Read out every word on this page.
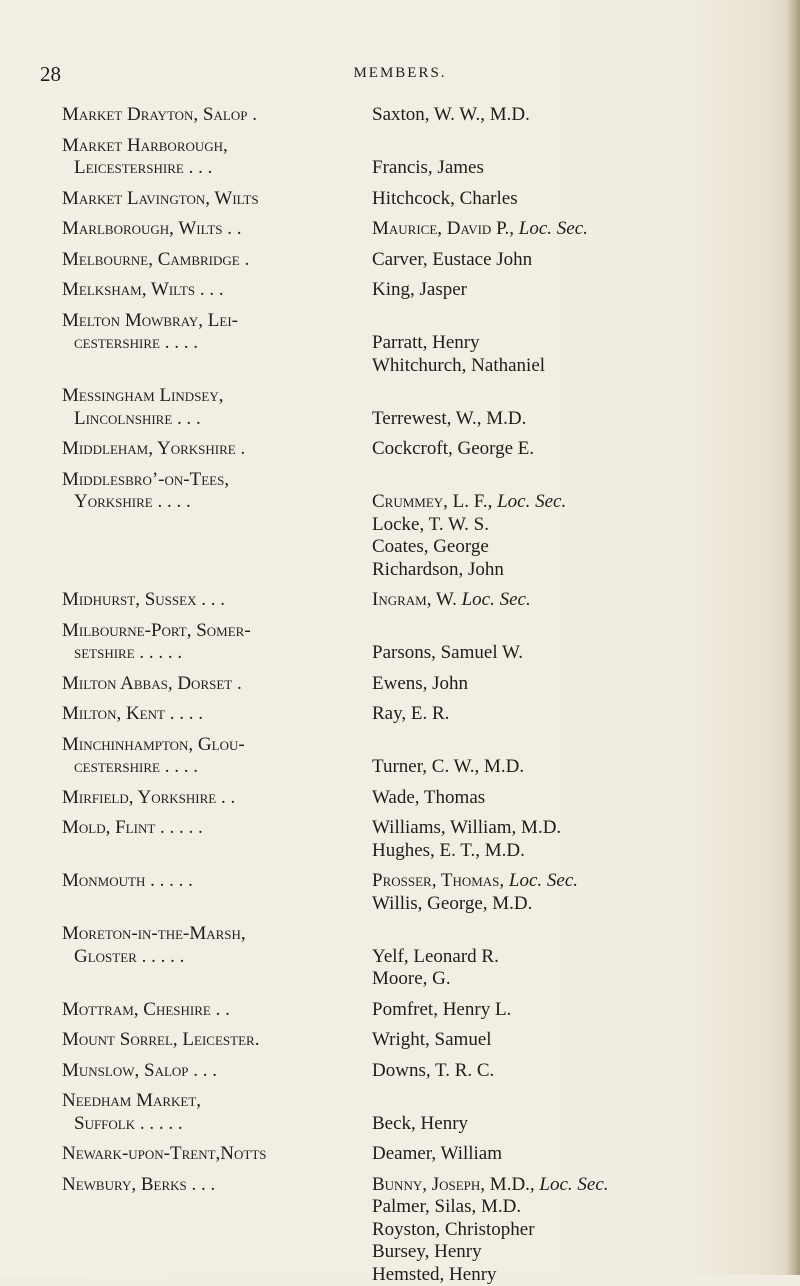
28	MEMBERS.
Market Drayton, Salop .	Saxton, W. W., M.D.
Market Harborough,
Leicestershire . . .
	Francis, James
Market Lavington, Wilts	Hitchcock, Charles
Marlborough, Wilts . .	Maurice, David P., Loc. Sec.
Melbourne, Cambridge .	Carver, Eustace John
Melksham, Wilts . . .	King, Jasper
Melton Mowbray, Lei-
cestershire . . . .
	Parratt, Henry
Whitchurch, Nathaniel
Messingham Lindsey,
Lincolnshire . . .
	Terrewest, W., M.D.
Middleham, Yorkshire .	Cockcroft, George E.
Middlesbro’-on-Tees,
Yorkshire . . . .
	Crummey, L. F., Loc. Sec.
Locke, T. W. S.
Coates, George
Richardson, John
Midhurst, Sussex . . .	Ingram, W. Loc. Sec.
Milbourne-Port, Somer-
setshire . . . . .
	Parsons, Samuel W.
Milton Abbas, Dorset .	Ewens, John
Milton, Kent . . . .	Ray, E. R.
Minchinhampton, Glou-
cestershire . . . .
	Turner, C. W., M.D.
Mirfield, Yorkshire . .	Wade, Thomas
Mold, Flint . . . . .	Williams, William, M.D.
Hughes, E. T., M.D.
Monmouth . . . . .	Prosser, Thomas, Loc. Sec.
Willis, George, M.D.
Moreton-in-the-Marsh,
Gloster . . . . .
	Yelf, Leonard R.
Moore, G.
Mottram, Cheshire . .	Pomfret, Henry L.
Mount Sorrel, Leicester.	Wright, Samuel
Munslow, Salop . . .	Downs, T. R. C.
Needham Market,
Suffolk . . . . .
	Beck, Henry
Newark-upon-Trent,Notts	Deamer, William
Newbury, Berks . . .	Bunny, Joseph, M.D., Loc. Sec.
Palmer, Silas, M.D.
Royston, Christopher
Bursey, Henry
Hemsted, Henry
